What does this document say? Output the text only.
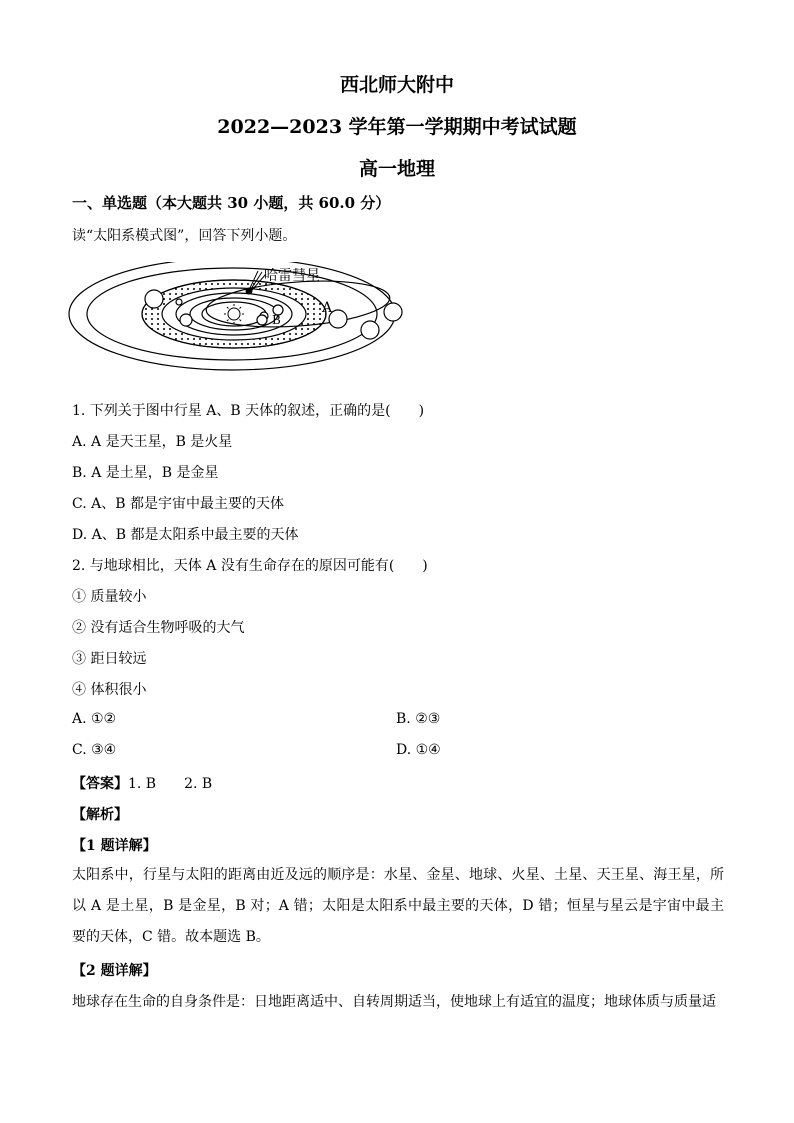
西北师大附中
2022—2023 学年第一学期期中考试试题
高一地理
一、单选题（本大题共 30 小题，共 60.0 分）
读“太阳系模式图”，回答下列小题。
哈雷彗星
A
B
1. 下列关于图中行星 A、B 天体的叙述，正确的是(　　)
A. A 是天王星，B 是火星
B. A 是土星，B 是金星
C. A、B 都是宇宙中最主要的天体
D. A、B 都是太阳系中最主要的天体
2. 与地球相比，天体 A 没有生命存在的原因可能有(　　)
① 质量较小
② 没有适合生物呼吸的大气
③ 距日较远
④ 体积很小
A. ①②	B. ②③
C. ③④	D. ①④
【答案】1. B 2. B
【解析】
【1 题详解】
太阳系中，行星与太阳的距离由近及远的顺序是：水星、金星、地球、火星、土星、天王星、海王星，所以 A 是土星，B 是金星，B 对；A 错；太阳是太阳系中最主要的天体，D 错；恒星与星云是宇宙中最主要的天体，C 错。故本题选 B。
【2 题详解】
地球存在生命的自身条件是：日地距离适中、自转周期适当，使地球上有适宜的温度；地球体质与质量适
